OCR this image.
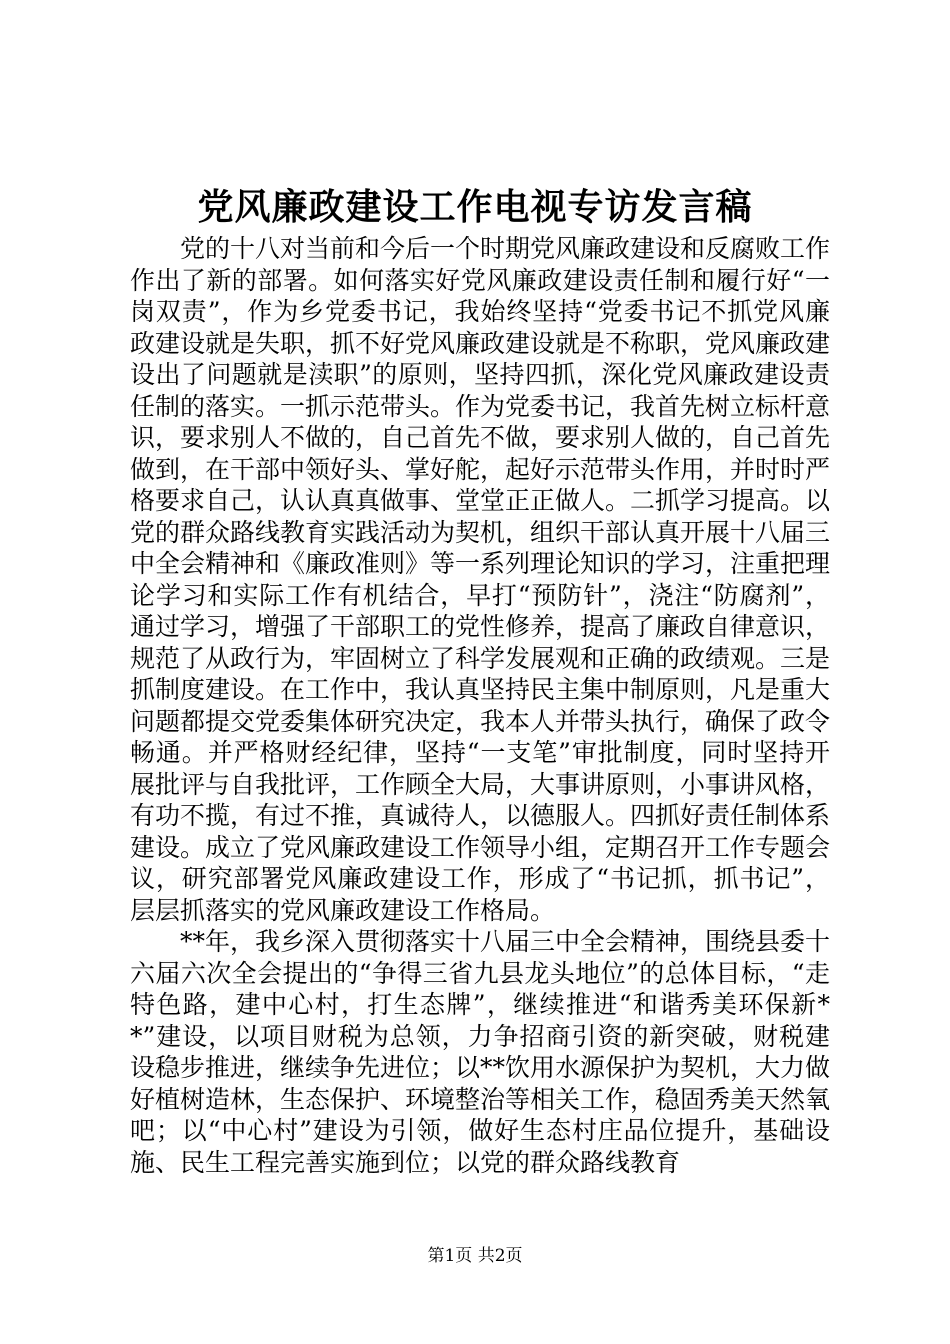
党风廉政建设工作电视专访发言稿

党的十八对当前和今后一个时期党风廉政建设和反腐败工作作出了新的部署。如何落实好党风廉政建设责任制和履行好“一岗双责”，作为乡党委书记，我始终坚持“党委书记不抓党风廉政建设就是失职，抓不好党风廉政建设就是不称职，党风廉政建设出了问题就是渎职”的原则，坚持四抓，深化党风廉政建设责任制的落实。一抓示范带头。作为党委书记，我首先树立标杆意识，要求别人不做的，自己首先不做，要求别人做的，自己首先做到，在干部中领好头、掌好舵，起好示范带头作用，并时时严格要求自己，认认真真做事、堂堂正正做人。二抓学习提高。以党的群众路线教育实践活动为契机，组织干部认真开展十八届三中全会精神和《廉政准则》等一系列理论知识的学习，注重把理论学习和实际工作有机结合，早打“预防针”，浇注“防腐剂”，通过学习，增强了干部职工的党性修养，提高了廉政自律意识，规范了从政行为，牢固树立了科学发展观和正确的政绩观。三是抓制度建设。在工作中，我认真坚持民主集中制原则，凡是重大问题都提交党委集体研究决定，我本人并带头执行，确保了政令畅通。并严格财经纪律，坚持“一支笔”审批制度，同时坚持开展批评与自我批评，工作顾全大局，大事讲原则，小事讲风格，有功不揽，有过不推，真诚待人，以德服人。四抓好责任制体系建设。成立了党风廉政建设工作领导小组，定期召开工作专题会议，研究部署党风廉政建设工作，形成了“书记抓，抓书记”，层层抓落实的党风廉政建设工作格局。

**年，我乡深入贯彻落实十八届三中全会精神，围绕县委十六届六次全会提出的“争得三省九县龙头地位”的总体目标，“走特色路，建中心村，打生态牌”，继续推进“和谐秀美环保新**”建设，以项目财税为总领，力争招商引资的新突破，财税建设稳步推进，继续争先进位；以**饮用水源保护为契机，大力做好植树造林，生态保护、环境整治等相关工作，稳固秀美天然氧吧；以“中心村”建设为引领，做好生态村庄品位提升，基础设施、民生工程完善实施到位；以党的群众路线教育

第1页 共2页
